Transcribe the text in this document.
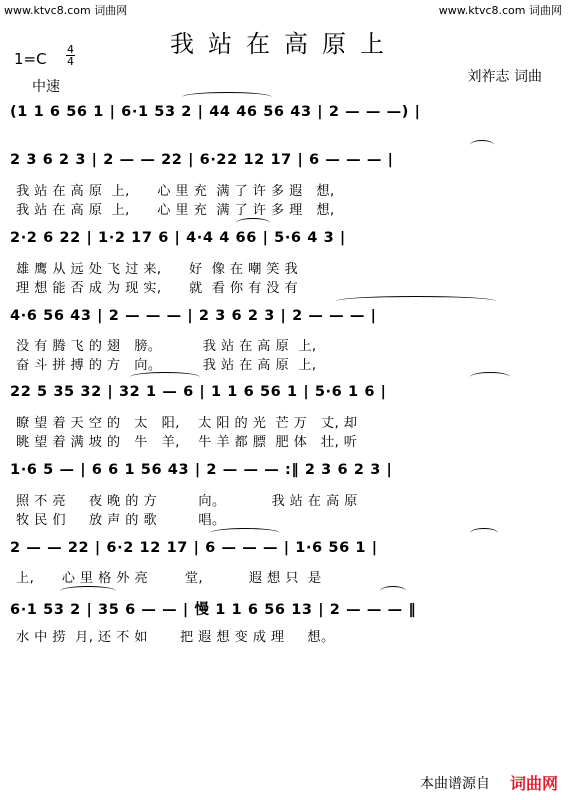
www.ktvc8.com 词曲网	www.ktvc8.com 词曲网
我站在高原上
1=C
4
4
中速
刘祚志 词曲
(1 1 6 56 1 | 6·1 53 2 | 44 46 56 43 | 2 — — —) |
2 3 6 2 3 | 2 — — 22 | 6·22 12 17 | 6 — — — |
我 站 在 高 原  上,      心 里 充  满 了 许 多 遐   想,
我 站 在 高 原  上,      心 里 充  满 了 许 多 理   想,
2·2 6 22 | 1·2 17 6 | 4·4 4 66 | 5·6 4 3 |
雄 鹰 从 远 处 飞 过 来,      好  像 在 嘲 笑 我
理 想 能 否 成 为 现 实,      就  看 你 有 没 有
4·6 56 43 | 2 — — — | 2 3 6 2 3 | 2 — — — |
没 有 腾 飞 的 翅   膀。         我 站 在 高 原  上,
奋 斗 拼 搏 的 方   向。         我 站 在 高 原  上,
22 5 35 32 | 32 1 — 6 | 1 1 6 56 1 | 5·6 1 6 |
瞭 望 着 天 空 的   太   阳,    太 阳 的 光  芒 万   丈, 却
眺 望 着 满 坡 的   牛   羊,    牛 羊 都 膘  肥 体   壮, 听
1·6 5 — | 6 6 1 56 43 | 2 — — — :‖ 2 3 6 2 3 |
照 不 亮     夜 晚 的 方         向。          我 站 在 高 原
牧 民 们     放 声 的 歌         唱。
2 — — 22 | 6·2 12 17 | 6 — — — | 1·6 56 1 |
上,      心 里 格 外 亮        堂,          遐 想 只  是
6·1 53 2 | 35 6 — — | 慢 1 1 6 56 13 | 2 — — — ‖
水 中 捞  月, 还 不 如       把 遐 想 变 成 理     想。
本曲谱源自 词曲网
